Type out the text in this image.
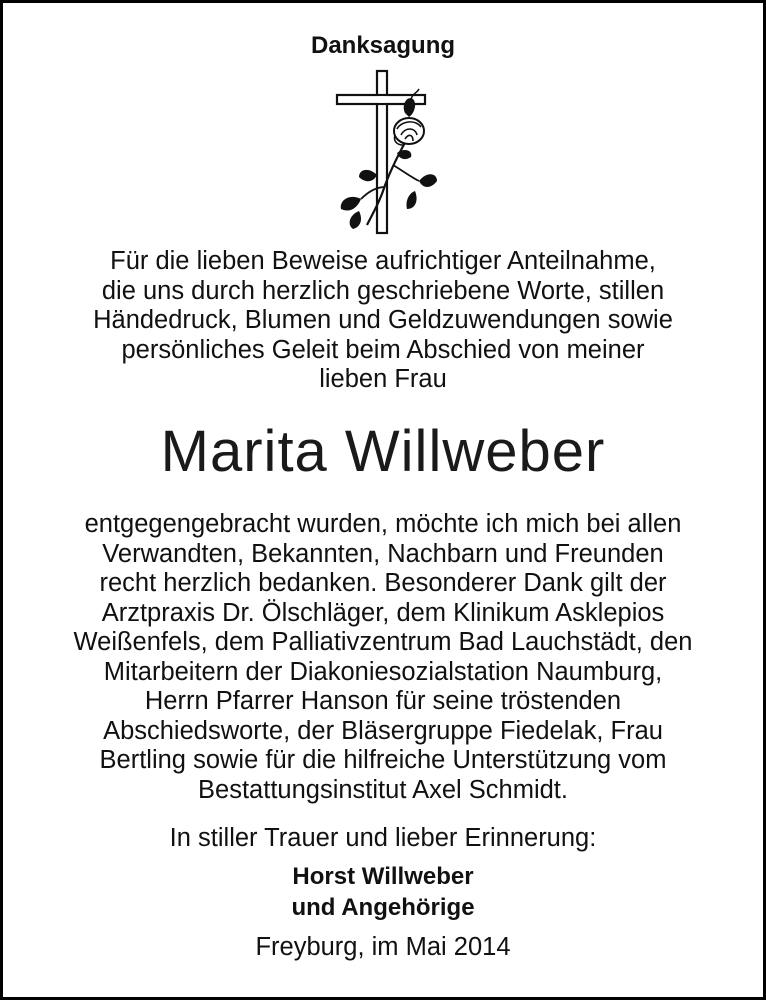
Danksagung
Für die lieben Beweise aufrichtiger Anteilnahme,
die uns durch herzlich geschriebene Worte, stillen
Händedruck, Blumen und Geldzuwendungen sowie
persönliches Geleit beim Abschied von meiner
lieben Frau
Marita Willweber
entgegengebracht wurden, möchte ich mich bei allen
Verwandten, Bekannten, Nachbarn und Freunden
recht herzlich bedanken. Besonderer Dank gilt der
Arztpraxis Dr. Ölschläger, dem Klinikum Asklepios
Weißenfels, dem Palliativzentrum Bad Lauchstädt, den
Mitarbeitern der Diakoniesozialstation Naumburg,
Herrn Pfarrer Hanson für seine tröstenden
Abschiedsworte, der Bläsergruppe Fiedelak, Frau
Bertling sowie für die hilfreiche Unterstützung vom
Bestattungsinstitut Axel Schmidt.
In stiller Trauer und lieber Erinnerung:
Horst Willweber
und Angehörige
Freyburg, im Mai 2014
